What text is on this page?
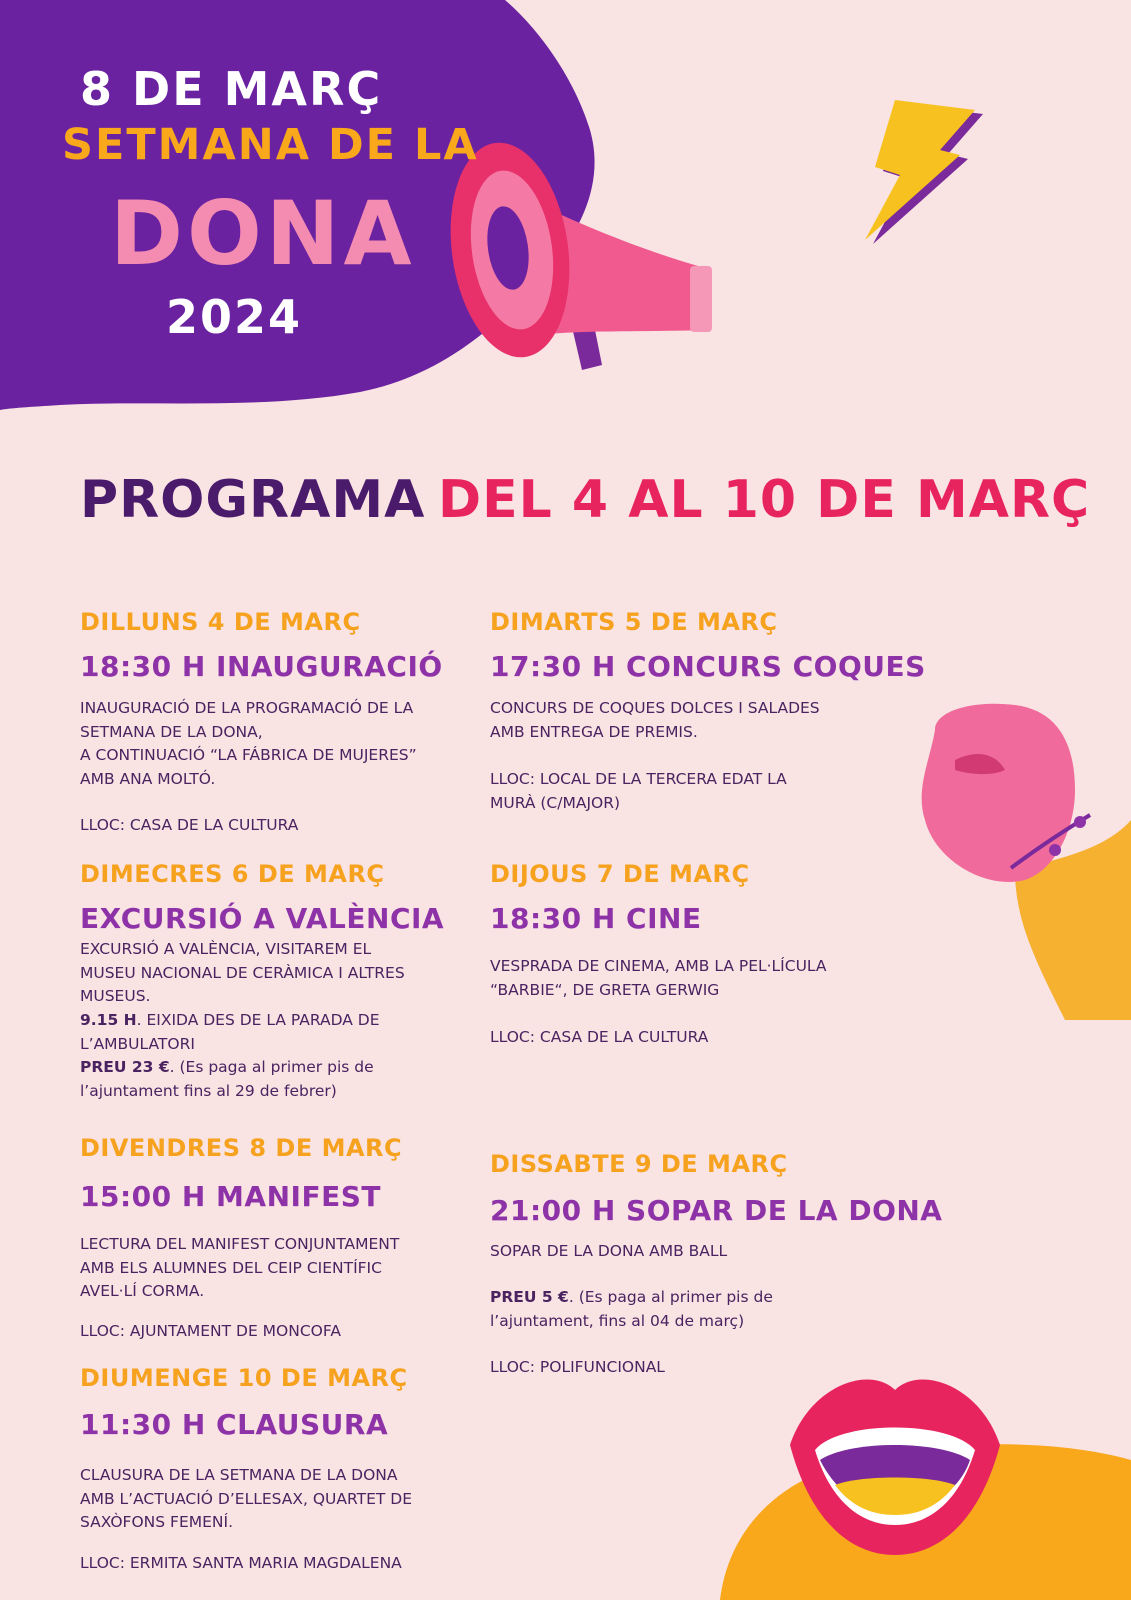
8 DE MARÇ
SETMANA DE LA
DONA
2024
PROGRAMA DEL 4 AL 10 DE MARÇ
DILLUNS 4 DE MARÇ
18:30 H INAUGURACIÓ
INAUGURACIÓ DE LA PROGRAMACIÓ DE LA
SETMANA DE LA DONA,
A CONTINUACIÓ “LA FÁBRICA DE MUJERES”
AMB ANA MOLTÓ.
LLOC: CASA DE LA CULTURA
DIMARTS 5 DE MARÇ
17:30 H CONCURS COQUES
CONCURS DE COQUES DOLCES I SALADES
AMB ENTREGA DE PREMIS.
LLOC: LOCAL DE LA TERCERA EDAT LA
MURÀ (C/MAJOR)
DIMECRES 6 DE MARÇ
EXCURSIÓ A VALÈNCIA
EXCURSIÓ A VALÈNCIA, VISITAREM EL
MUSEU NACIONAL DE CERÀMICA I ALTRES
MUSEUS.
9.15 H. EIXIDA DES DE LA PARADA DE
L’AMBULATORI
PREU 23 €. (Es paga al primer pis de
l’ajuntament fins al 29 de febrer)
DIJOUS 7 DE MARÇ
18:30 H CINE
VESPRADA DE CINEMA, AMB LA PEL·LÍCULA
“BARBIE“, DE GRETA GERWIG
LLOC: CASA DE LA CULTURA
DIVENDRES 8 DE MARÇ
15:00 H MANIFEST
LECTURA DEL MANIFEST CONJUNTAMENT
AMB ELS ALUMNES DEL CEIP CIENTÍFIC
AVEL·LÍ CORMA.
LLOC: AJUNTAMENT DE MONCOFA
DISSABTE 9 DE MARÇ
21:00 H SOPAR DE LA DONA
SOPAR DE LA DONA AMB BALL
PREU 5 €. (Es paga al primer pis de
l’ajuntament, fins al 04 de març)
LLOC: POLIFUNCIONAL
DIUMENGE 10 DE MARÇ
11:30 H CLAUSURA
CLAUSURA DE LA SETMANA DE LA DONA
AMB L’ACTUACIÓ D’ELLESAX, QUARTET DE
SAXÒFONS FEMENÍ.
LLOC: ERMITA SANTA MARIA MAGDALENA
